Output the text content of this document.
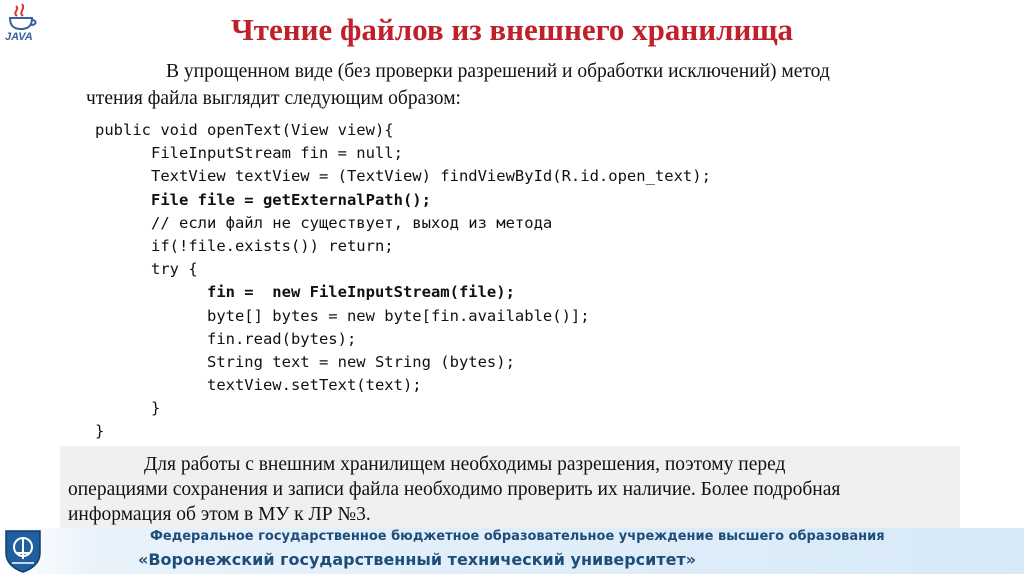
JAVA	Чтение файлов из внешнего хранилища
В упрощенном виде (без проверки разрешений и обработки исключений) метод
чтения файла выглядит следующим образом:
public void openText(View view){
FileInputStream fin = null;
TextView textView = (TextView) findViewById(R.id.open_text);
File file = getExternalPath();
// если файл не существует, выход из метода
if(!file.exists()) return;
try {
fin =  new FileInputStream(file);
byte[] bytes = new byte[fin.available()];
fin.read(bytes);
String text = new String (bytes);
textView.setText(text);
}
}
Для работы с внешним хранилищем необходимы разрешения, поэтому перед
операциями сохранения и записи файла необходимо проверить их наличие. Более подробная
информация об этом в МУ к ЛР №3.
Федеральное государственное бюджетное образовательное учреждение высшего образования
«Воронежский государственный технический университет»
